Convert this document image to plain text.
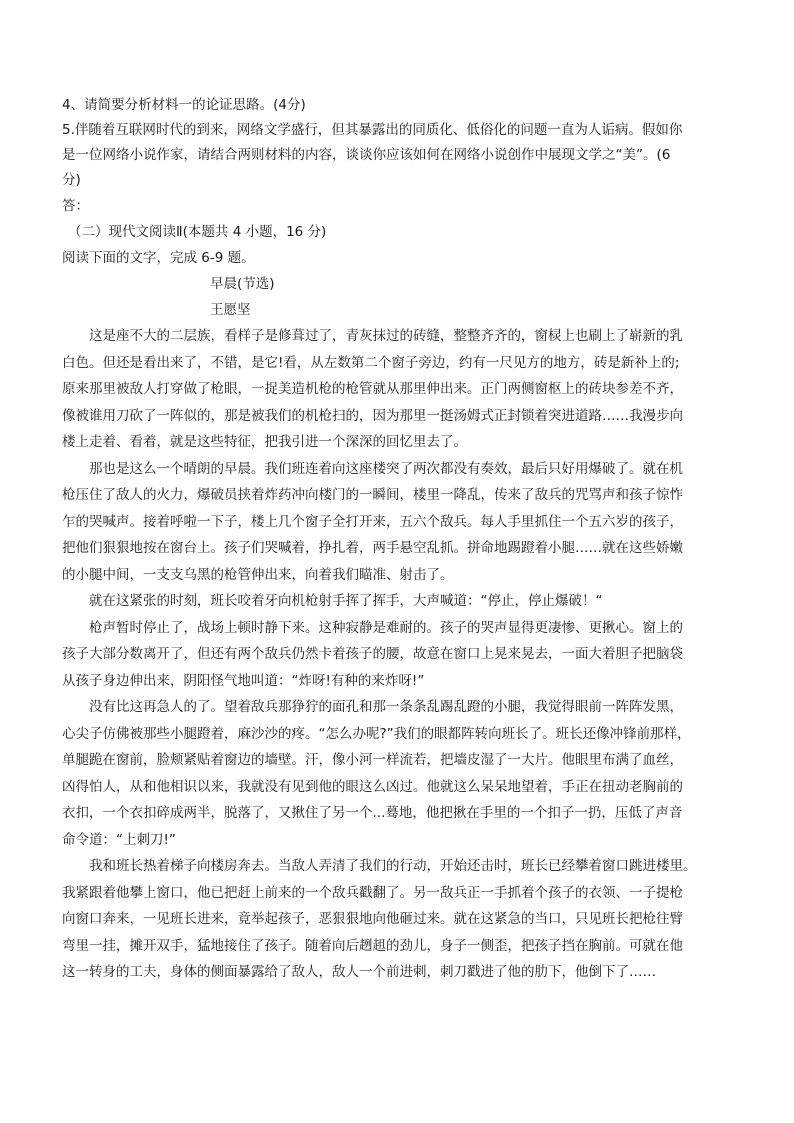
4、请简要分析材料一的论证思路。(4分)

5.伴随着互联网时代的到来，网络文学盛行，但其暴露出的同质化、低俗化的问题一直为人诟病。假如你
是一位网络小说作家，请结合两则材料的内容，谈谈你应该如何在网络小说创作中展现文学之“美”。(6
分)

答：

（二）现代文阅读Ⅱ(本题共 4 小题，16 分)

阅读下面的文字，完成 6-9 题。

早晨(节选)

王愿坚

这是座不大的二层族，看样子是修葺过了，青灰抹过的砖缝，整整齐齐的，窗棂上也刷上了崭新的乳
白色。但还是看出来了，不错，是它!看，从左数第二个窗子旁边，约有一尺见方的地方，砖是新补上的;
原来那里被敌人打穿做了枪眼，一捉美造机枪的枪管就从那里伸出来。正门两侧窗枢上的砖块参差不齐，
像被谁用刀砍了一阵似的，那是被我们的机枪扫的，因为那里一挺汤姆式正封锁着突进道路……我漫步向
楼上走着、看着，就是这些特征，把我引进一个深深的回忆里去了。
那也是这么一个晴朗的早晨。我们班连着向这座楼突了两次都没有奏效，最后只好用爆破了。就在机
枪压住了敌人的火力，爆破员挟着炸药冲向楼门的一瞬间，楼里一降乱，传来了敌兵的咒骂声和孩子惊怍
乍的哭喊声。接着呼啦一下子，楼上几个窗子全打开来，五六个敌兵。每人手里抓住一个五六岁的孩子，
把他们狠狠地按在窗台上。孩子们哭喊着，挣扎着，两手悬空乱抓。拼命地踢蹬着小腿……就在这些娇嫩
的小腿中间，一支支乌黑的枪管伸出来，向着我们瞄准、射击了。
就在这紧张的时刻，班长咬着牙向机枪射手挥了挥手，大声喊道：“停止，停止爆破！“
枪声暂时停止了，战场上顿时静下来。这种寂静是难耐的。孩子的哭声显得更凄惨、更揪心。窗上的
孩子大部分数离开了，但还有两个敌兵仍然卡着孩子的腰，故意在窗口上晃来晃去，一面大着胆子把脑袋
从孩子身边伸出来，阴阳怪气地叫道：“炸呀!有种的来炸呀!”
没有比这再急人的了。望着敌兵那狰狞的面孔和那一条条乱踢乱蹬的小腿，我觉得眼前一阵阵发黑，
心尖子仿佛被那些小腿蹬着，麻沙沙的疼。“怎么办呢?”我们的眼都阵转向班长了。班长还像冲锋前那样，
单腿跪在窗前，脸颊紧贴着窗边的墙壁。汗，像小河一样流若，把墙皮湿了一大片。他眼里布满了血丝，
凶得怕人，从和他相识以来，我就没有见到他的眼这么凶过。他就这么呆呆地望着，手正在扭动老胸前的
衣扣，一个衣扣碎成两半，脱落了，又揪住了另一个...蓦地，他把揪在手里的一个扣子一扔，压低了声音
命令道：“上刺刀!”
我和班长热着梯子向楼房奔去。当敌人弄清了我们的行动，开始还击时，班长已经攀着窗口跳进楼里。
我紧跟着他攀上窗口，他已把赶上前来的一个敌兵戳翻了。另一敌兵正一手抓着个孩子的衣领、一子提枪
向窗口奔来，一见班长进来，竟举起孩子，恶狠狠地向他砸过来。就在这紧急的当口，只见班长把枪往臂
弯里一挂，摊开双手，猛地接住了孩子。随着向后趔趄的劲儿，身子一侧歪，把孩子挡在胸前。可就在他
这一转身的工夫，身体的侧面暴露给了敌人，敌人一个前进刺，刺刀戳进了他的肋下，他倒下了……
